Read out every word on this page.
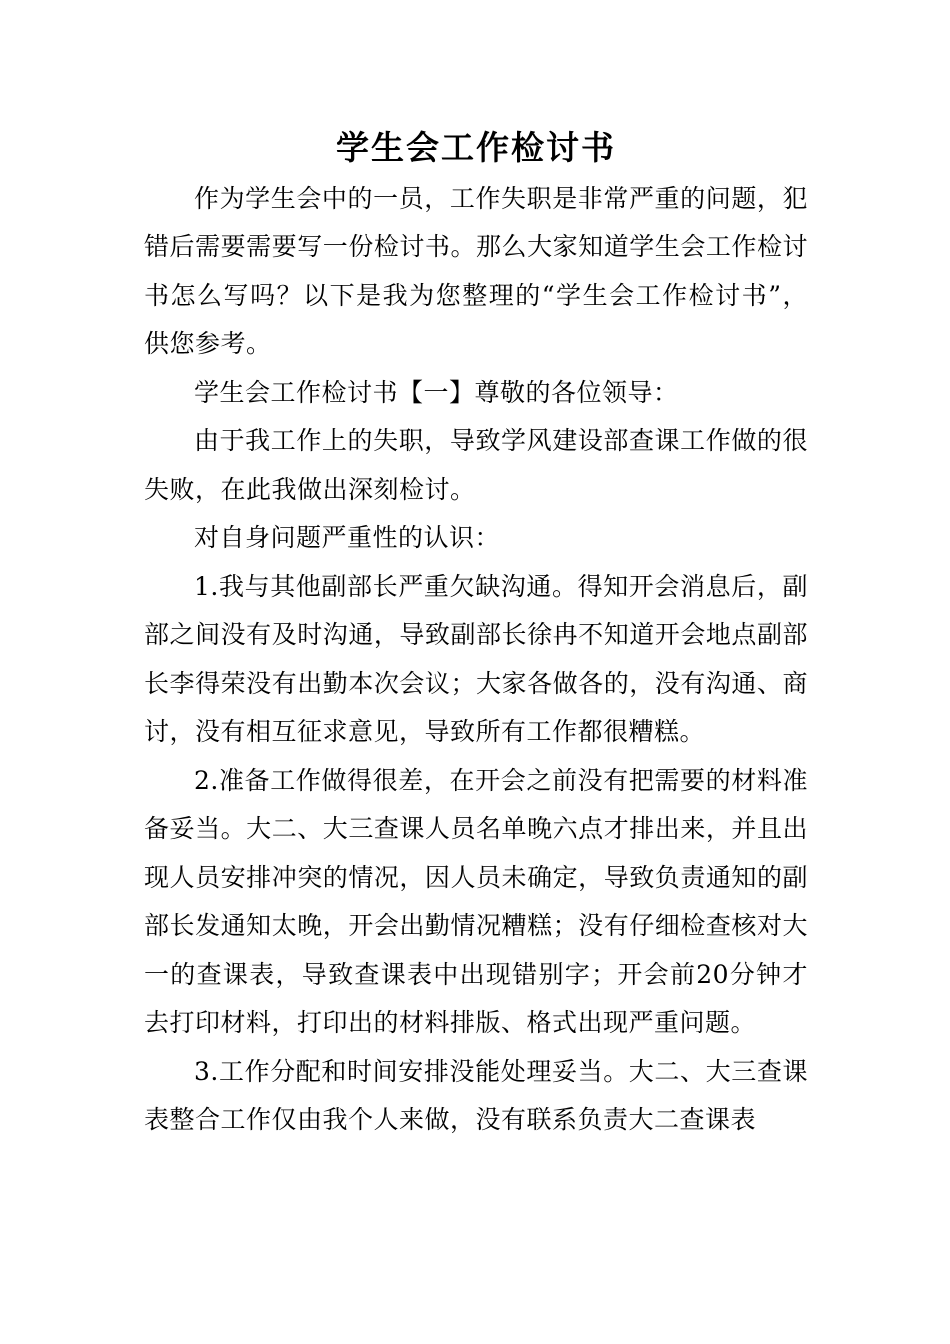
学生会工作检讨书

作为学生会中的一员，工作失职是非常严重的问题，犯错后需要需要写一份检讨书。那么大家知道学生会工作检讨书怎么写吗？以下是我为您整理的“学生会工作检讨书”，供您参考。

学生会工作检讨书【一】尊敬的各位领导：

由于我工作上的失职，导致学风建设部查课工作做的很失败，在此我做出深刻检讨。

对自身问题严重性的认识：

1.我与其他副部长严重欠缺沟通。得知开会消息后，副部之间没有及时沟通，导致副部长徐冉不知道开会地点副部长李得荣没有出勤本次会议；大家各做各的，没有沟通、商讨，没有相互征求意见，导致所有工作都很糟糕。

2.准备工作做得很差，在开会之前没有把需要的材料准备妥当。大二、大三查课人员名单晚六点才排出来，并且出现人员安排冲突的情况，因人员未确定，导致负责通知的副部长发通知太晚，开会出勤情况糟糕；没有仔细检查核对大一的查课表，导致查课表中出现错别字；开会前20分钟才去打印材料，打印出的材料排版、格式出现严重问题。

3.工作分配和时间安排没能处理妥当。大二、大三查课表整合工作仅由我个人来做，没有联系负责大二查课表
